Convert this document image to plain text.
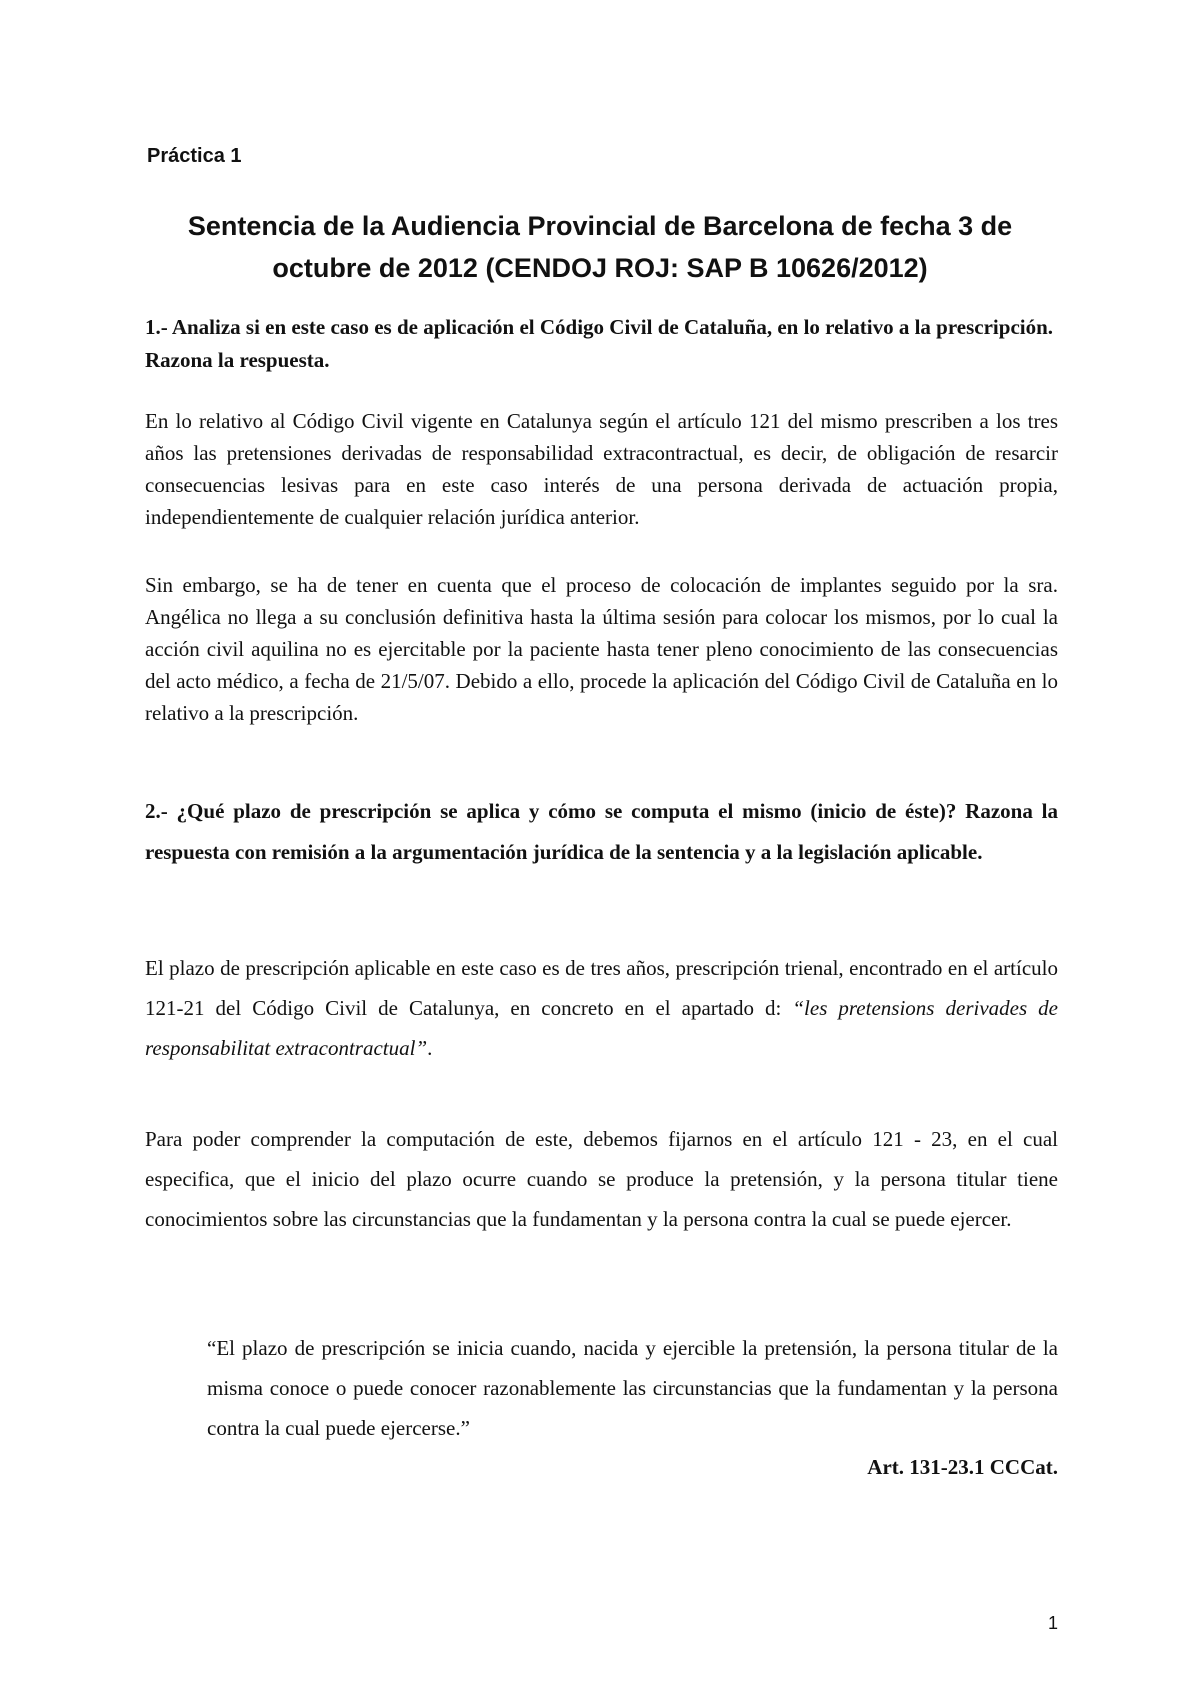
Práctica 1

Sentencia de la Audiencia Provincial de Barcelona de fecha 3 de octubre de 2012 (CENDOJ ROJ: SAP B 10626/2012)

1.- Analiza si en este caso es de aplicación el Código Civil de Cataluña, en lo relativo a la prescripción. Razona la respuesta.

En lo relativo al Código Civil vigente en Catalunya según el artículo 121 del mismo prescriben a los tres años las pretensiones derivadas de responsabilidad extracontractual, es decir, de obligación de resarcir consecuencias lesivas para en este caso interés de una persona derivada de actuación propia, independientemente de cualquier relación jurídica anterior.

Sin embargo, se ha de tener en cuenta que el proceso de colocación de implantes seguido por la sra. Angélica no llega a su conclusión definitiva hasta la última sesión para colocar los mismos, por lo cual la acción civil aquilina no es ejercitable por la paciente hasta tener pleno conocimiento de las consecuencias del acto médico, a fecha de 21/5/07. Debido a ello, procede la aplicación del Código Civil de Cataluña en lo relativo a la prescripción.

2.- ¿Qué plazo de prescripción se aplica y cómo se computa el mismo (inicio de éste)? Razona la respuesta con remisión a la argumentación jurídica de la sentencia y a la legislación aplicable.

El plazo de prescripción aplicable en este caso es de tres años, prescripción trienal, encontrado en el artículo 121-21 del Código Civil de Catalunya, en concreto en el apartado d: “les pretensions derivades de responsabilitat extracontractual”.

Para poder comprender la computación de este, debemos fijarnos en el artículo 121 - 23, en el cual especifica, que el inicio del plazo ocurre cuando se produce la pretensión, y la persona titular tiene conocimientos sobre las circunstancias que la fundamentan y la persona contra la cual se puede ejercer.

“El plazo de prescripción se inicia cuando, nacida y ejercible la pretensión, la persona titular de la misma conoce o puede conocer razonablemente las circunstancias que la fundamentan y la persona contra la cual puede ejercerse.”

Art. 131-23.1 CCCat.

1
